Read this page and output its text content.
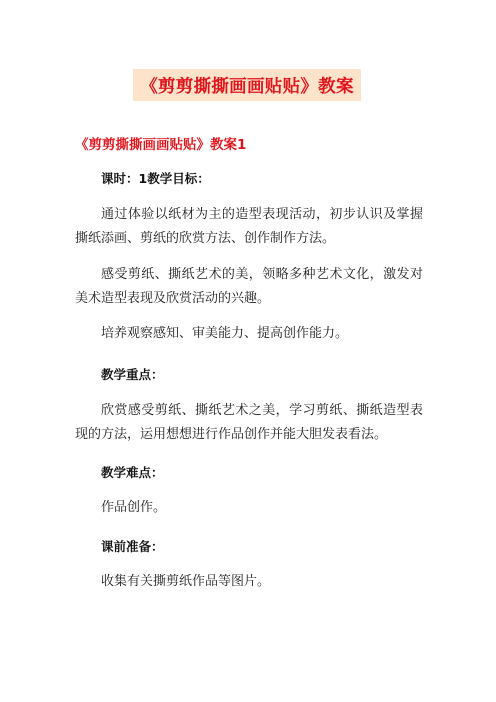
《剪剪撕撕画画贴贴》教案
《剪剪撕撕画画贴贴》教案1
课时：1教学目标：

通过体验以纸材为主的造型表现活动，初步认识及掌握撕纸添画、剪纸的欣赏方法、创作制作方法。

感受剪纸、撕纸艺术的美，领略多种艺术文化，激发对美术造型表现及欣赏活动的兴趣。

培养观察感知、审美能力、提高创作能力。

教学重点：

欣赏感受剪纸、撕纸艺术之美，学习剪纸、撕纸造型表现的方法，运用想想进行作品创作并能大胆发表看法。

教学难点：

作品创作。

课前准备：

收集有关撕剪纸作品等图片。
